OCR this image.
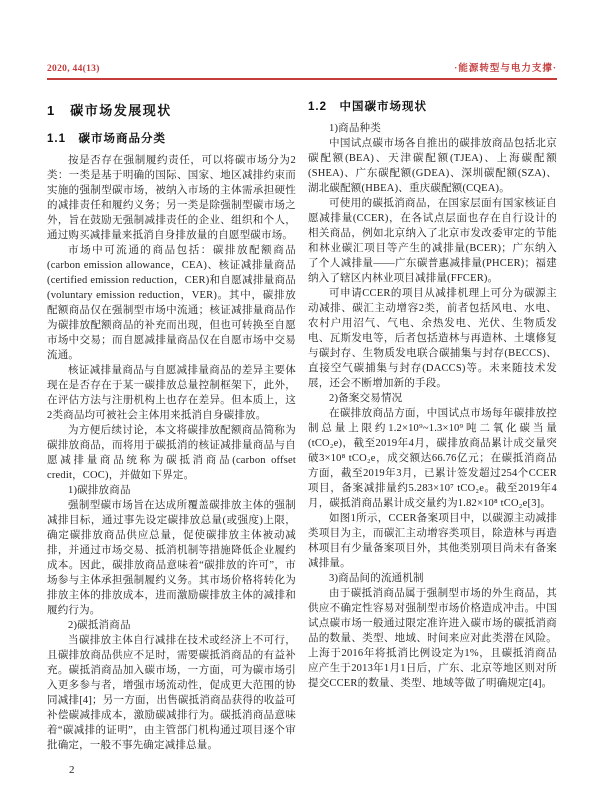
2020, 44(13)	·能源转型与电力支撑·
1　碳市场发展现状
1.1　碳市场商品分类

按是否存在强制履约责任，可以将碳市场分为2类：一类是基于明确的国际、国家、地区减排约束而实施的强制型碳市场，被纳入市场的主体需承担硬性的减排责任和履约义务；另一类是除强制型碳市场之外，旨在鼓励无强制减排责任的企业、组织和个人，通过购买减排量来抵消自身排放量的自愿型碳市场。

市场中可流通的商品包括：碳排放配额商品(carbon emission allowance，CEA)、核证减排量商品(certified emission reduction，CER)和自愿减排量商品(voluntary emission reduction，VER)。其中，碳排放配额商品仅在强制型市场中流通；核证减排量商品作为碳排放配额商品的补充而出现，但也可转换至自愿市场中交易；而自愿减排量商品仅在自愿市场中交易流通。

核证减排量商品与自愿减排量商品的差异主要体现在是否存在于某一碳排放总量控制框架下，此外，在评估方法与注册机构上也存在差异。但本质上，这2类商品均可被社会主体用来抵消自身碳排放。

为方便后续讨论，本文将碳排放配额商品简称为碳排放商品，而将用于碳抵消的核证减排量商品与自愿减排量商品统称为碳抵消商品(carbon offset credit，COC)，并做如下界定。

1)碳排放商品

强制型碳市场旨在达成所覆盖碳排放主体的强制减排目标，通过事先设定碳排放总量(或强度)上限，确定碳排放商品供应总量，促使碳排放主体被动减排，并通过市场交易、抵消机制等措施降低企业履约成本。因此，碳排放商品意味着“碳排放的许可”，市场参与主体承担强制履约义务。其市场价格将转化为排放主体的排放成本，进而激励碳排放主体的减排和履约行为。

2)碳抵消商品

当碳排放主体自行减排在技术或经济上不可行，且碳排放商品供应不足时，需要碳抵消商品的有益补充。碳抵消商品加入碳市场，一方面，可为碳市场引入更多参与者，增强市场流动性，促成更大范围的协同减排[4]；另一方面，出售碳抵消商品获得的收益可补偿碳减排成本，激励碳减排行为。碳抵消商品意味着“碳减排的证明”，由主管部门机构通过项目逐个审批确定，一般不事先确定减排总量。

1.2　中国碳市场现状

1)商品种类

中国试点碳市场各自推出的碳排放商品包括北京碳配额(BEA)、天津碳配额(TJEA)、上海碳配额(SHEA)、广东碳配额(GDEA)、深圳碳配额(SZA)、湖北碳配额(HBEA)、重庆碳配额(CQEA)。

可使用的碳抵消商品，在国家层面有国家核证自愿减排量(CCER)，在各试点层面也存在自行设计的相关商品，例如北京纳入了北京市发改委审定的节能和林业碳汇项目等产生的减排量(BCER)；广东纳入了个人减排量——广东碳普惠减排量(PHCER)；福建纳入了辖区内林业项目减排量(FFCER)。

可申请CCER的项目从减排机理上可分为碳源主动减排、碳汇主动增容2类，前者包括风电、水电、农村户用沼气、气电、余热发电、光伏、生物质发电、瓦斯发电等，后者包括造林与再造林、土壤修复与碳封存、生物质发电联合碳捕集与封存(BECCS)、直接空气碳捕集与封存(DACCS)等。未来随技术发展，还会不断增加新的手段。

2)备案交易情况

在碳排放商品方面，中国试点市场每年碳排放控制总量上限约1.2×10⁹~1.3×10⁹吨二氧化碳当量(tCO₂e)，截至2019年4月，碳排放商品累计成交量突破3×10⁸ tCO₂e，成交额达66.76亿元；在碳抵消商品方面，截至2019年3月，已累计签发超过254个CCER项目，备案减排量约5.283×10⁷ tCO₂e。截至2019年4月，碳抵消商品累计成交量约为1.82×10⁸ tCO₂e[3]。

如图1所示，CCER备案项目中，以碳源主动减排类项目为主，而碳汇主动增容类项目，除造林与再造林项目有少量备案项目外，其他类别项目尚未有备案减排量。

3)商品间的流通机制

由于碳抵消商品属于强制型市场的外生商品，其供应不确定性容易对强制型市场价格造成冲击。中国试点碳市场一般通过限定准许进入碳市场的碳抵消商品的数量、类型、地域、时间来应对此类潜在风险。上海于2016年将抵消比例设定为1%，且碳抵消商品应产生于2013年1月1日后，广东、北京等地区则对所提交CCER的数量、类型、地域等做了明确规定[4]。

2
